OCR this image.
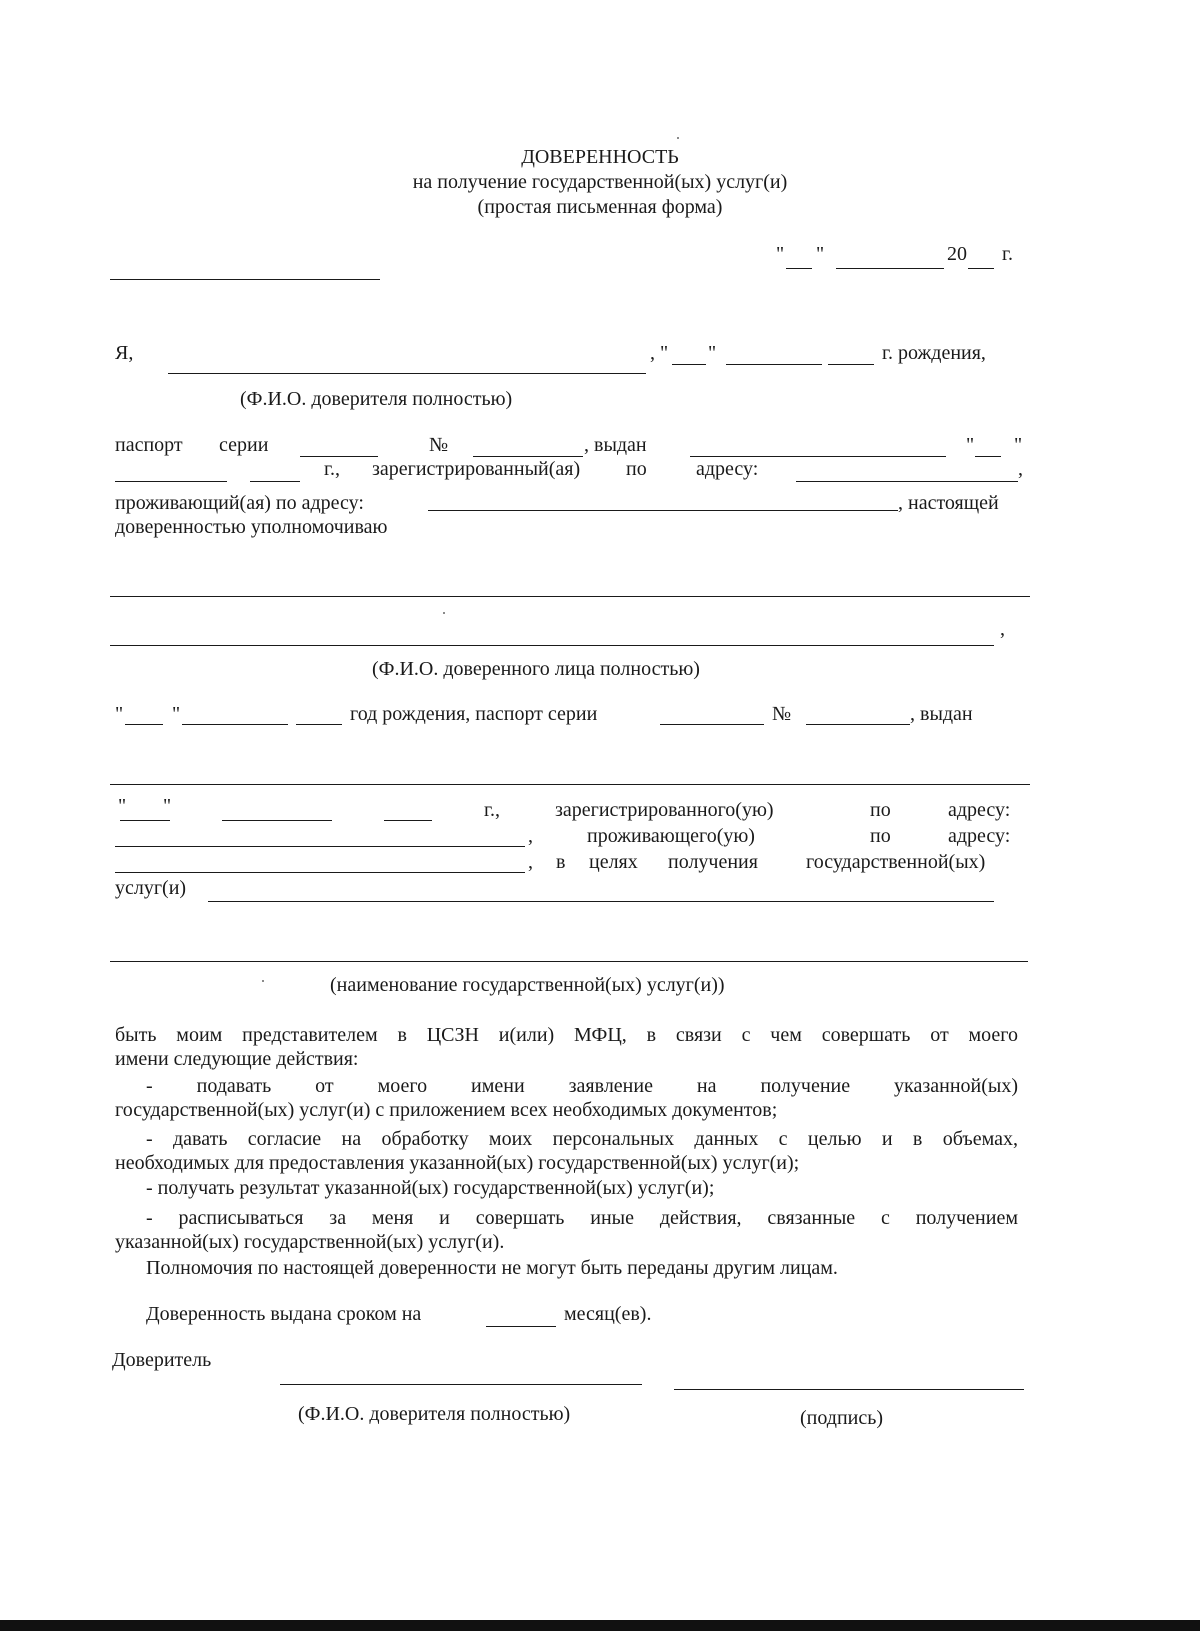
ДОВЕРЕННОСТЬ
на получение государственной(ых) услуг(и)
(простая письменная форма)
" "	20 г.
Я,	, " "	г. рождения,
(Ф.И.О. доверителя полностью)
паспорт серии	№	, выдан	" "
г., зарегистрированный(ая) по адресу:	,
проживающий(ая) по адресу:	, настоящей
доверенностью уполномочиваю
,
(Ф.И.О. доверенного лица полностью)
" "	год рождения, паспорт серии	№	, выдан
" "	г.,	зарегистрированного(ую)	по	адресу:
,	проживающего(ую)	по	адресу:
, в целях получения государственной(ых)
услуг(и)
(наименование государственной(ых) услуг(и))
быть моим представителем в ЦСЗН и(или) МФЦ, в связи с чем совершать от моего
имени следующие действия:
- подавать от моего имени заявление на получение указанной(ых)
государственной(ых) услуг(и) с приложением всех необходимых документов;
- давать согласие на обработку моих персональных данных с целью и в объемах,
необходимых для предоставления указанной(ых) государственной(ых) услуг(и);
- получать результат указанной(ых) государственной(ых) услуг(и);
- расписываться за меня и совершать иные действия, связанные с получением
указанной(ых) государственной(ых) услуг(и).
Полномочия по настоящей доверенности не могут быть переданы другим лицам.
Доверенность выдана сроком на	месяц(ев).
Доверитель
(Ф.И.О. доверителя полностью)	(подпись)
